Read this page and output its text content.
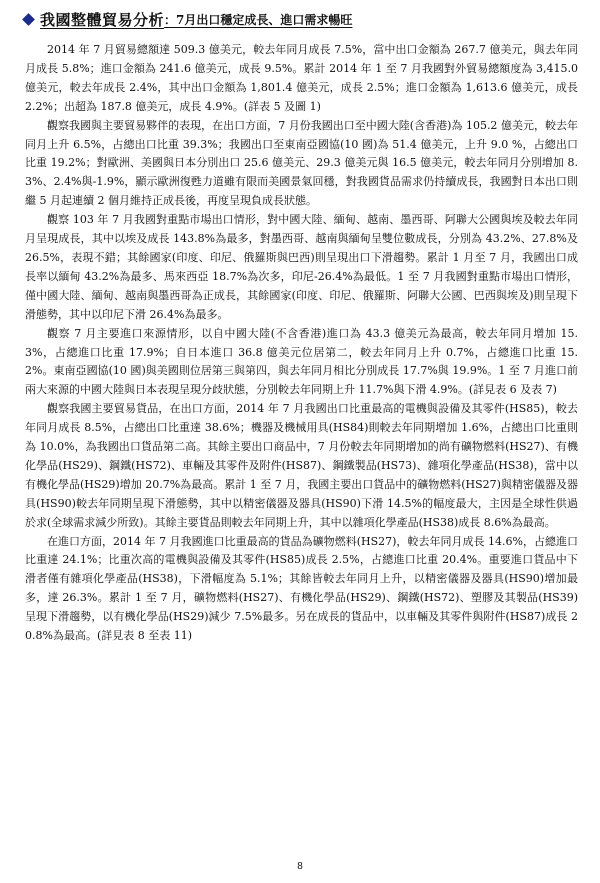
我國整體貿易分析 ：7月出口穩定成長、進口需求暢旺

2014 年 7 月貿易總額達 509.3 億美元，較去年同月成長 7.5%，當中出口金額為 267.7 億美元，與去年同月成長 5.8%；進口金額為 241.6 億美元，成長 9.5%。累計 2014 年 1 至 7 月我國對外貿易總額度為 3,415.0 億美元，較去年成長 2.4%，其中出口金額為 1,801.4 億美元，成長 2.5%；進口金額為 1,613.6 億美元，成長 2.2%；出超為 187.8 億美元，成長 4.9%。(詳表 5 及圖 1)

觀察我國與主要貿易夥伴的表現，在出口方面，7 月份我國出口至中國大陸(含香港)為 105.2 億美元，較去年同月上升 6.5%，占總出口比重 39.3%；我國出口至東南亞國協(10 國)為 51.4 億美元，上升 9.0 %，占總出口比重 19.2%；對歐洲、美國與日本分別出口 25.6 億美元、29.3 億美元與 16.5 億美元，較去年同月分別增加 8.3%、2.4%與-1.9%，顯示歐洲復甦力道雖有限而美國景氣回穩，對我國貨品需求仍持續成長，我國對日本出口則繼 5 月起連續 2 個月維持正成長後，再度呈現負成長狀態。

觀察 103 年 7 月我國對重點市場出口情形，對中國大陸、緬甸、越南、墨西哥、阿聯大公國與埃及較去年同月呈現成長，其中以埃及成長 143.8%為最多，對墨西哥、越南與緬甸呈雙位數成長，分別為 43.2%、27.8%及 26.5%，表現不錯；其餘國家(印度、印尼、俄羅斯與巴西)則呈現出口下滑趨勢。累計 1 月至 7 月，我國出口成長率以緬甸 43.2%為最多、馬來西亞 18.7%為次多，印尼-26.4%為最低。1 至 7 月我國對重點市場出口情形，僅中國大陸、緬甸、越南與墨西哥為正成長，其餘國家(印度、印尼、俄羅斯、阿聯大公國、巴西與埃及)則呈現下滑態勢，其中以印尼下滑 26.4%為最多。

觀察 7 月主要進口來源情形，以自中國大陸(不含香港)進口為 43.3 億美元為最高，較去年同月增加 15.3%，占總進口比重 17.9%；自日本進口 36.8 億美元位居第二，較去年同月上升 0.7%，占總進口比重 15.2%。東南亞國協(10 國)與美國則位居第三與第四，與去年同月相比分別成長 17.7%與 19.9%。1 至 7 月進口前兩大來源的中國大陸與日本表現呈現分歧狀態，分別較去年同期上升 11.7%與下滑 4.9%。(詳見表 6 及表 7)

觀察我國主要貿易貨品，在出口方面，2014 年 7 月我國出口比重最高的電機與設備及其零件(HS85)，較去年同月成長 8.5%，占總出口比重達 38.6%；機器及機械用具(HS84)則較去年同期增加 1.6%，占總出口比重則為 10.0%，為我國出口貨品第二高。其餘主要出口商品中，7 月份較去年同期增加的尚有礦物燃料(HS27)、有機化學品(HS29)、鋼鐵(HS72)、車輛及其零件及附件(HS87)、鋼鐵製品(HS73)、雜項化學產品(HS38)，當中以有機化學品(HS29)增加 20.7%為最高。累計 1 至 7 月，我國主要出口貨品中的礦物燃料(HS27)與精密儀器及器具(HS90)較去年同期呈現下滑態勢，其中以精密儀器及器具(HS90)下滑 14.5%的幅度最大，主因是全球性供過於求(全球需求減少所致)。其餘主要貨品則較去年同期上升，其中以雜項化學產品(HS38)成長 8.6%為最高。

在進口方面，2014 年 7 月我國進口比重最高的貨品為礦物燃料(HS27)，較去年同月成長 14.6%，占總進口比重達 24.1%；比重次高的電機與設備及其零件(HS85)成長 2.5%，占總進口比重 20.4%。重要進口貨品中下滑者僅有雜項化學產品(HS38)，下滑幅度為 5.1%；其餘皆較去年同月上升，以精密儀器及器具(HS90)增加最多，達 26.3%。累計 1 至 7 月，礦物燃料(HS27)、有機化學品(HS29)、鋼鐵(HS72)、塑膠及其製品(HS39)呈現下滑趨勢，以有機化學品(HS29)減少 7.5%最多。另在成長的貨品中，以車輛及其零件與附件(HS87)成長 20.8%為最高。(詳見表 8 至表 11)

8
